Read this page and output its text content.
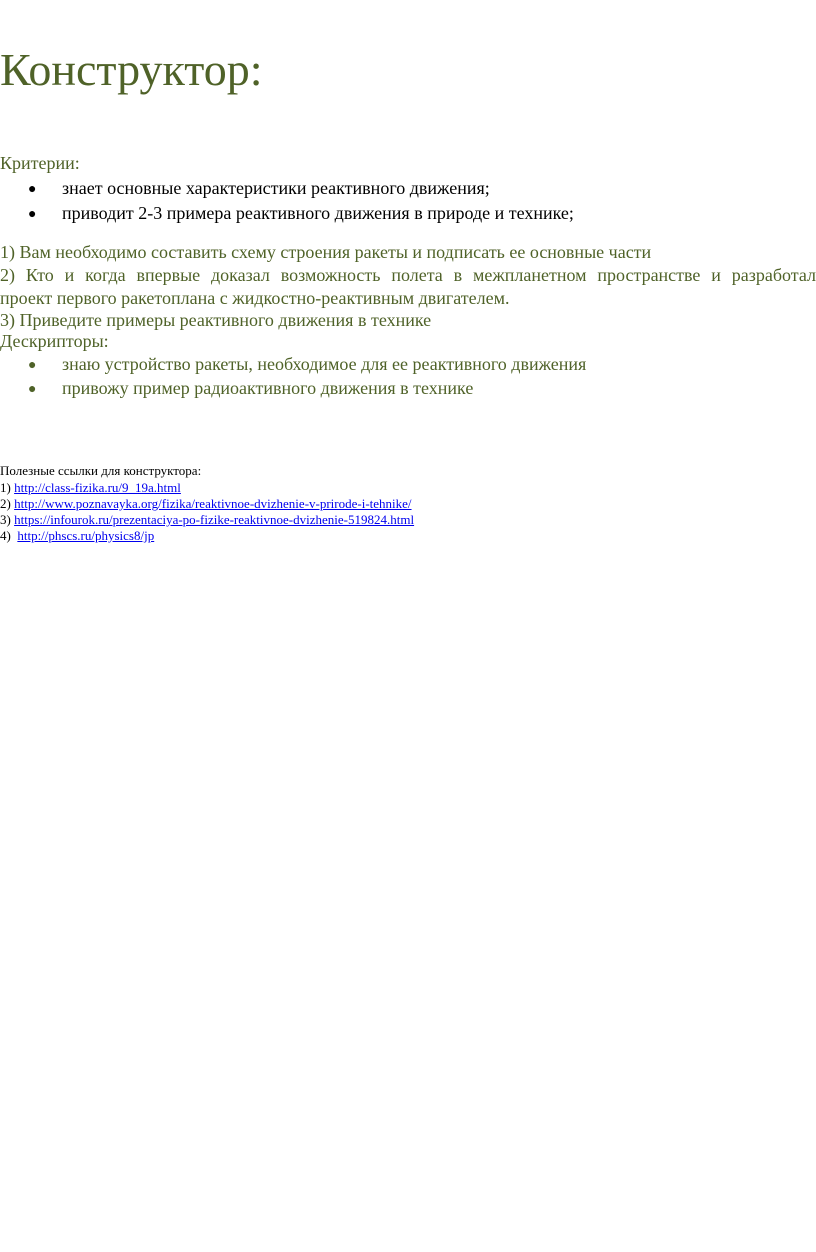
Конструктор:

Критерии:

● знает основные характеристики реактивного движения;

● приводит 2-3 примера реактивного движения в природе и технике;

1) Вам необходимо составить схему строения ракеты и подписать ее основные части

2) Кто и когда впервые доказал возможность полета в межпланетном пространстве и разработал

проект первого ракетоплана с жидкостно-реактивным двигателем.

3) Приведите примеры реактивного движения в технике

Дескрипторы:

● знаю устройство ракеты, необходимое для ее реактивного движения

● привожу пример радиоактивного движения в технике

Полезные ссылки для конструктора:

1) http://class-fizika.ru/9_19a.html

2) http://www.poznavayka.org/fizika/reaktivnoe-dvizhenie-v-prirode-i-tehnike/

3) https://infourok.ru/prezentaciya-po-fizike-reaktivnoe-dvizhenie-519824.html

4)  http://phscs.ru/physics8/jp
